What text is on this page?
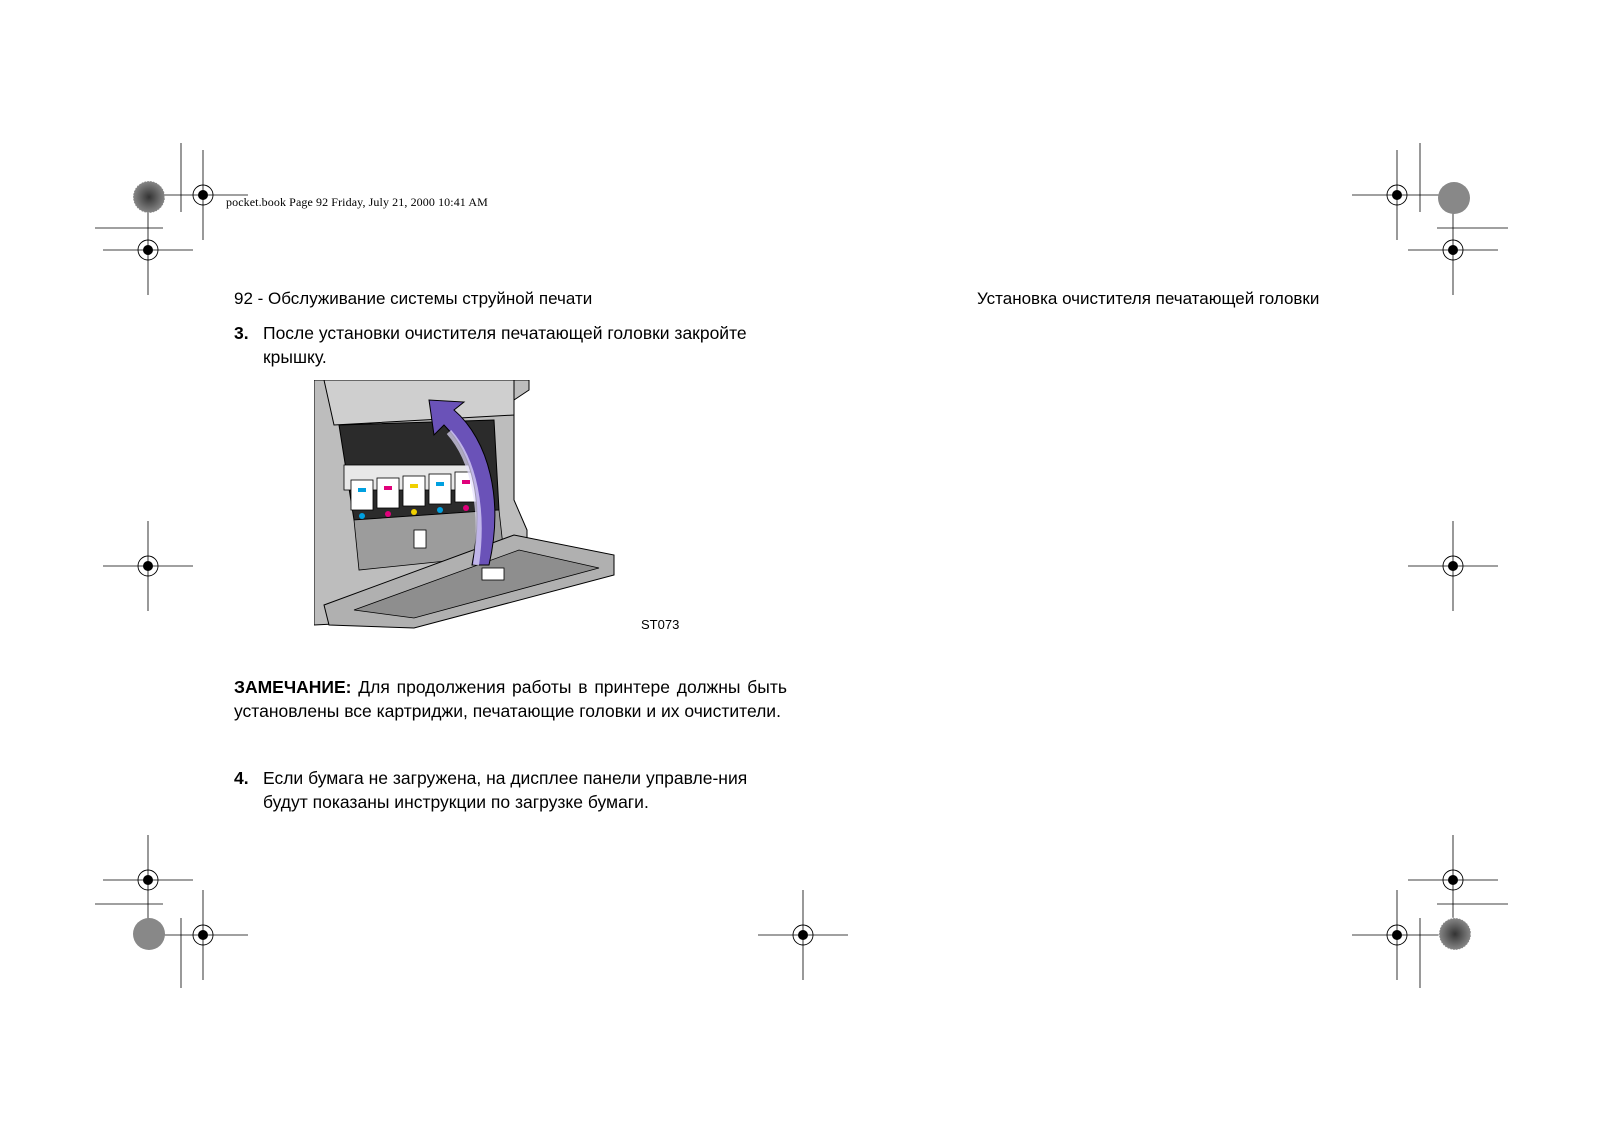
pocket.book Page 92 Friday, July 21, 2000 10:41 AM
92 - Обслуживание системы струйной печати	Установка очистителя печатающей головки
3. После установки очистителя печатающей головки закройте крышку.
ST073
ЗАМЕЧАНИЕ: Для продолжения работы в принтере должны быть установлены все картриджи, печатающие головки и их очистители.
4. Если бумага не загружена, на дисплее панели управле-ния будут показаны инструкции по загрузке бумаги.
